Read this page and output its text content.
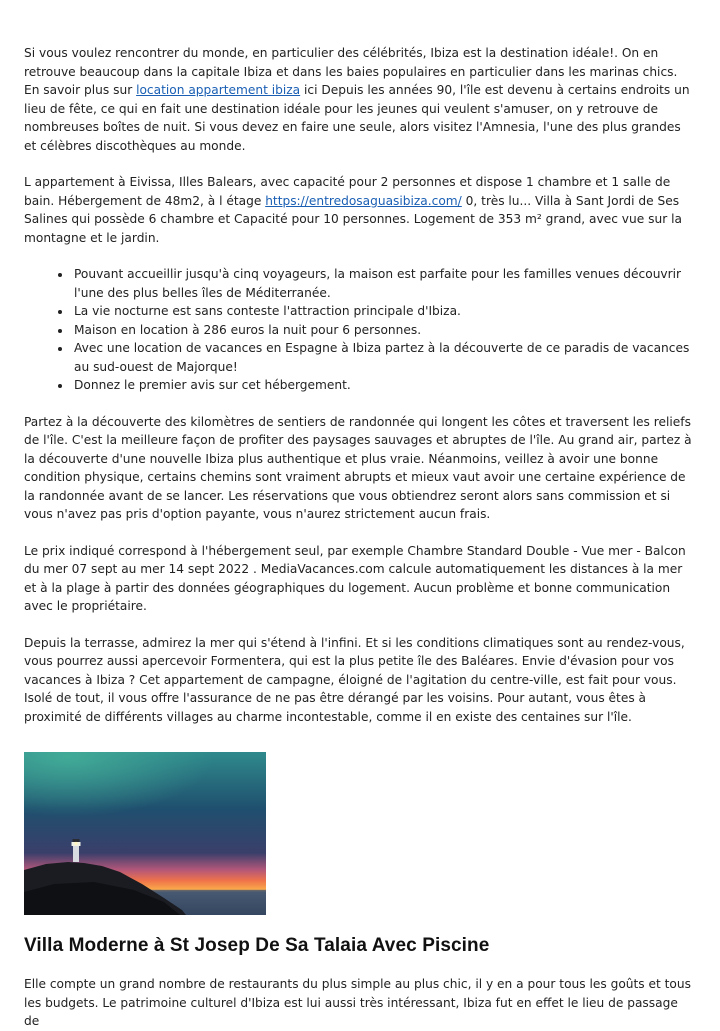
Si vous voulez rencontrer du monde, en particulier des célébrités, Ibiza est la destination idéale!. On en retrouve beaucoup dans la capitale Ibiza et dans les baies populaires en particulier dans les marinas chics. En savoir plus sur location appartement ibiza ici Depuis les années 90, l'île est devenu à certains endroits un lieu de fête, ce qui en fait une destination idéale pour les jeunes qui veulent s'amuser, on y retrouve de nombreuses boîtes de nuit. Si vous devez en faire une seule, alors visitez l'Amnesia, l'une des plus grandes et célèbres discothèques au monde.

L appartement à Eivissa, Illes Balears, avec capacité pour 2 personnes et dispose 1 chambre et 1 salle de bain. Hébergement de 48m2, à l étage https://entredosaguasibiza.com/ 0, très lu... Villa à Sant Jordi de Ses Salines qui possède 6 chambre et Capacité pour 10 personnes. Logement de 353 m² grand, avec vue sur la montagne et le jardin.

• Pouvant accueillir jusqu'à cinq voyageurs, la maison est parfaite pour les familles venues découvrir l'une des plus belles îles de Méditerranée.
• La vie nocturne est sans conteste l'attraction principale d'Ibiza.
• Maison en location à 286 euros la nuit pour 6 personnes.
• Avec une location de vacances en Espagne à Ibiza partez à la découverte de ce paradis de vacances au sud-ouest de Majorque!
• Donnez le premier avis sur cet hébergement.

Partez à la découverte des kilomètres de sentiers de randonnée qui longent les côtes et traversent les reliefs de l'île. C'est la meilleure façon de profiter des paysages sauvages et abruptes de l'île. Au grand air, partez à la découverte d'une nouvelle Ibiza plus authentique et plus vraie. Néanmoins, veillez à avoir une bonne condition physique, certains chemins sont vraiment abrupts et mieux vaut avoir une certaine expérience de la randonnée avant de se lancer. Les réservations que vous obtiendrez seront alors sans commission et si vous n'avez pas pris d'option payante, vous n'aurez strictement aucun frais.

Le prix indiqué correspond à l'hébergement seul, par exemple Chambre Standard Double - Vue mer - Balcon du mer 07 sept au mer 14 sept 2022 . MediaVacances.com calcule automatiquement les distances à la mer et à la plage à partir des données géographiques du logement. Aucun problème et bonne communication avec le propriétaire.

Depuis la terrasse, admirez la mer qui s'étend à l'infini. Et si les conditions climatiques sont au rendez-vous, vous pourrez aussi apercevoir Formentera, qui est la plus petite île des Baléares. Envie d'évasion pour vos vacances à Ibiza ? Cet appartement de campagne, éloigné de l'agitation du centre-ville, est fait pour vous. Isolé de tout, il vous offre l'assurance de ne pas être dérangé par les voisins. Pour autant, vous êtes à proximité de différents villages au charme incontestable, comme il en existe des centaines sur l'île.

Villa Moderne à St Josep De Sa Talaia Avec Piscine

Elle compte un grand nombre de restaurants du plus simple au plus chic, il y en a pour tous les goûts et tous les budgets. Le patrimoine culturel d'Ibiza est lui aussi très intéressant, Ibiza fut en effet le lieu de passage de
